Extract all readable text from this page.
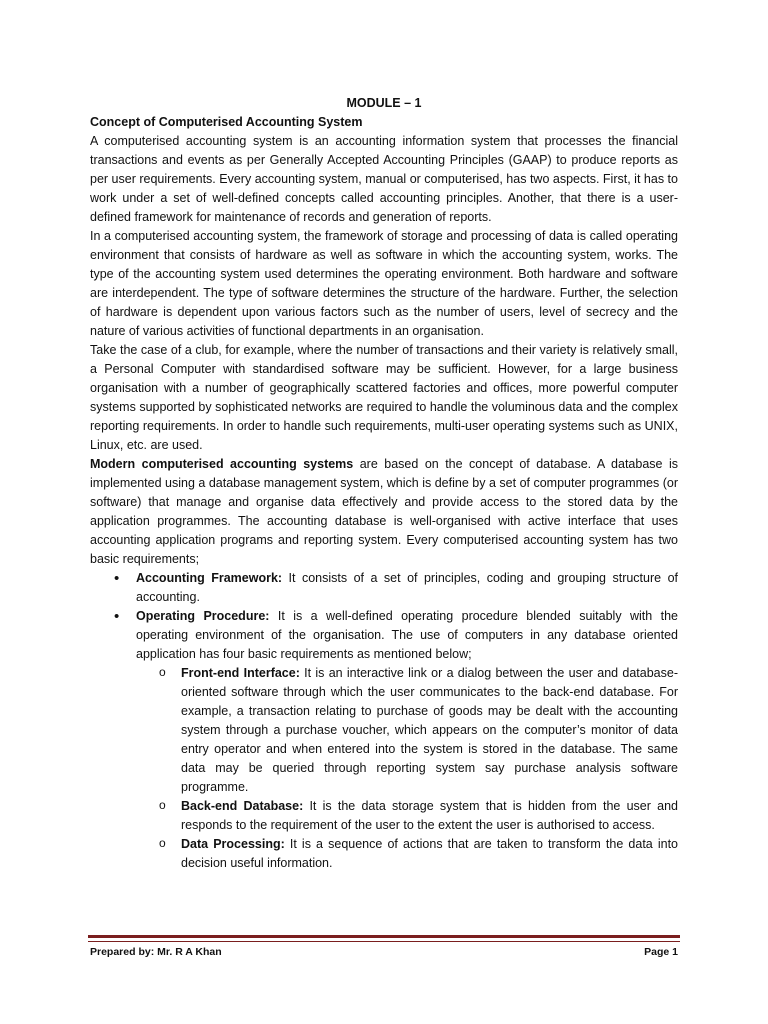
MODULE – 1
Concept of Computerised Accounting System

A computerised accounting system is an accounting information system that processes the financial transactions and events as per Generally Accepted Accounting Principles (GAAP) to produce reports as per user requirements. Every accounting system, manual or computerised, has two aspects. First, it has to work under a set of well-defined concepts called accounting principles. Another, that there is a user-defined framework for maintenance of records and generation of reports.

In a computerised accounting system, the framework of storage and processing of data is called operating environment that consists of hardware as well as software in which the accounting system, works. The type of the accounting system used determines the operating environment. Both hardware and software are interdependent. The type of software determines the structure of the hardware. Further, the selection of hardware is dependent upon various factors such as the number of users, level of secrecy and the nature of various activities of functional departments in an organisation.

Take the case of a club, for example, where the number of transactions and their variety is relatively small, a Personal Computer with standardised software may be sufficient. However, for a large business organisation with a number of geographically scattered factories and offices, more powerful computer systems supported by sophisticated networks are required to handle the voluminous data and the complex reporting requirements. In order to handle such requirements, multi-user operating systems such as UNIX, Linux, etc. are used.

Modern computerised accounting systems are based on the concept of database. A database is implemented using a database management system, which is define by a set of computer programmes (or software) that manage and organise data effectively and provide access to the stored data by the application programmes. The accounting database is well-organised with active interface that uses accounting application programs and reporting system. Every computerised accounting system has two basic requirements;

• Accounting Framework: It consists of a set of principles, coding and grouping structure of accounting.
• Operating Procedure: It is a well-defined operating procedure blended suitably with the operating environment of the organisation. The use of computers in any database oriented application has four basic requirements as mentioned below;
o Front-end Interface: It is an interactive link or a dialog between the user and database-oriented software through which the user communicates to the back-end database. For example, a transaction relating to purchase of goods may be dealt with the accounting system through a purchase voucher, which appears on the computer’s monitor of data entry operator and when entered into the system is stored in the database. The same data may be queried through reporting system say purchase analysis software programme.
o Back-end Database: It is the data storage system that is hidden from the user and responds to the requirement of the user to the extent the user is authorised to access.
o Data Processing: It is a sequence of actions that are taken to transform the data into decision useful information.
Prepared by: Mr. R A Khan	Page 1
